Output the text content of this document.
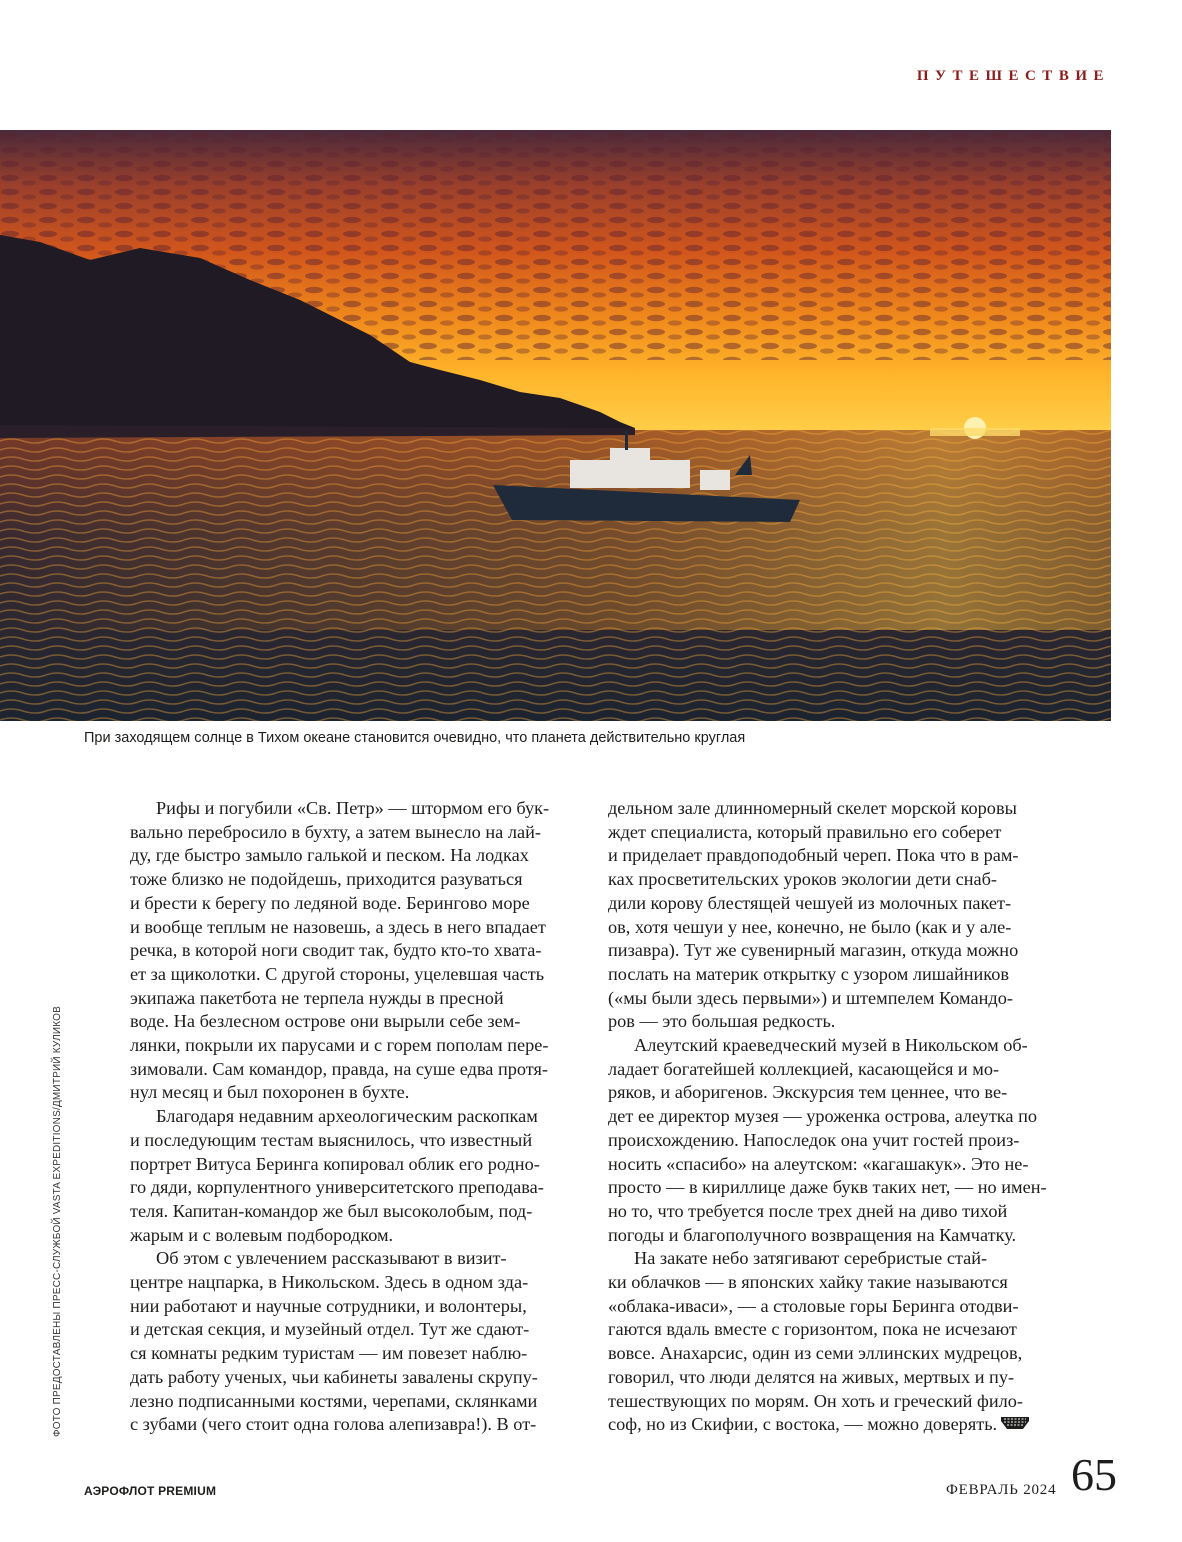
ПУТЕШЕСТВИЕ
При заходящем солнце в Тихом океане становится очевидно, что планета действительно круглая
ФОТО ПРЕДОСТАВЛЕНЫ ПРЕСС-СЛУЖБОЙ VASTA EXPEDITIONS/ДМИТРИЙ КУЛИКОВ

Рифы и погубили «Св. Петр» — штормом его бук-
вально перебросило в бухту, а затем вынесло на лай-
ду, где быстро замыло галькой и песком. На лодках
тоже близко не подойдешь, приходится разуваться
и брести к берегу по ледяной воде. Берингово море
и вообще теплым не назовешь, а здесь в него впадает
речка, в которой ноги сводит так, будто кто-то хвата-
ет за щиколотки. С другой стороны, уцелевшая часть
экипажа пакетбота не терпела нужды в пресной
воде. На безлесном острове они вырыли себе зем-
лянки, покрыли их парусами и с горем пополам пере-
зимовали. Сам командор, правда, на суше едва протя-
нул месяц и был похоронен в бухте.

Благодаря недавним археологическим раскопкам
и последующим тестам выяснилось, что известный
портрет Витуса Беринга копировал облик его родно-
го дяди, корпулентного университетского преподава-
теля. Капитан-командор же был высоколобым, под-
жарым и с волевым подбородком.

Об этом с увлечением рассказывают в визит-
центре нацпарка, в Никольском. Здесь в одном зда-
нии работают и научные сотрудники, и волонтеры,
и детская секция, и музейный отдел. Тут же сдают-
ся комнаты редким туристам — им повезет наблю-
дать работу ученых, чьи кабинеты завалены скрупу-
лезно подписанными костями, черепами, склянками
с зубами (чего стоит одна голова алепизавра!). В от-

дельном зале длинномерный скелет морской коровы
ждет специалиста, который правильно его соберет
и приделает правдоподобный череп. Пока что в рам-
ках просветительских уроков экологии дети снаб-
дили корову блестящей чешуей из молочных пакет-
ов, хотя чешуи у нее, конечно, не было (как и у але-
пизавра). Тут же сувенирный магазин, откуда можно
послать на материк открытку с узором лишайников
(«мы были здесь первыми») и штемпелем Командо-
ров — это большая редкость.

Алеутский краеведческий музей в Никольском об-
ладает богатейшей коллекцией, касающейся и мо-
ряков, и аборигенов. Экскурсия тем ценнее, что ве-
дет ее директор музея — уроженка острова, алеутка по
происхождению. Напоследок она учит гостей произ-
носить «спасибо» на алеутском: «кагашакук». Это не-
просто — в кириллице даже букв таких нет, — но имен-
но то, что требуется после трех дней на диво тихой
погоды и благополучного возвращения на Камчатку.

На закате небо затягивают серебристые стай-
ки облачков — в японских хайку такие называются
«облака-иваси», — а столовые горы Беринга отодви-
гаются вдаль вместе с горизонтом, пока не исчезают
вовсе. Анахарсис, один из семи эллинских мудрецов,
говорил, что люди делятся на живых, мертвых и пу-
тешествующих по морям. Он хоть и греческий фило-
соф, но из Скифии, с востока, — можно доверять.

АЭРОФЛОТ PREMIUM	ФЕВРАЛЬ 2024 65
